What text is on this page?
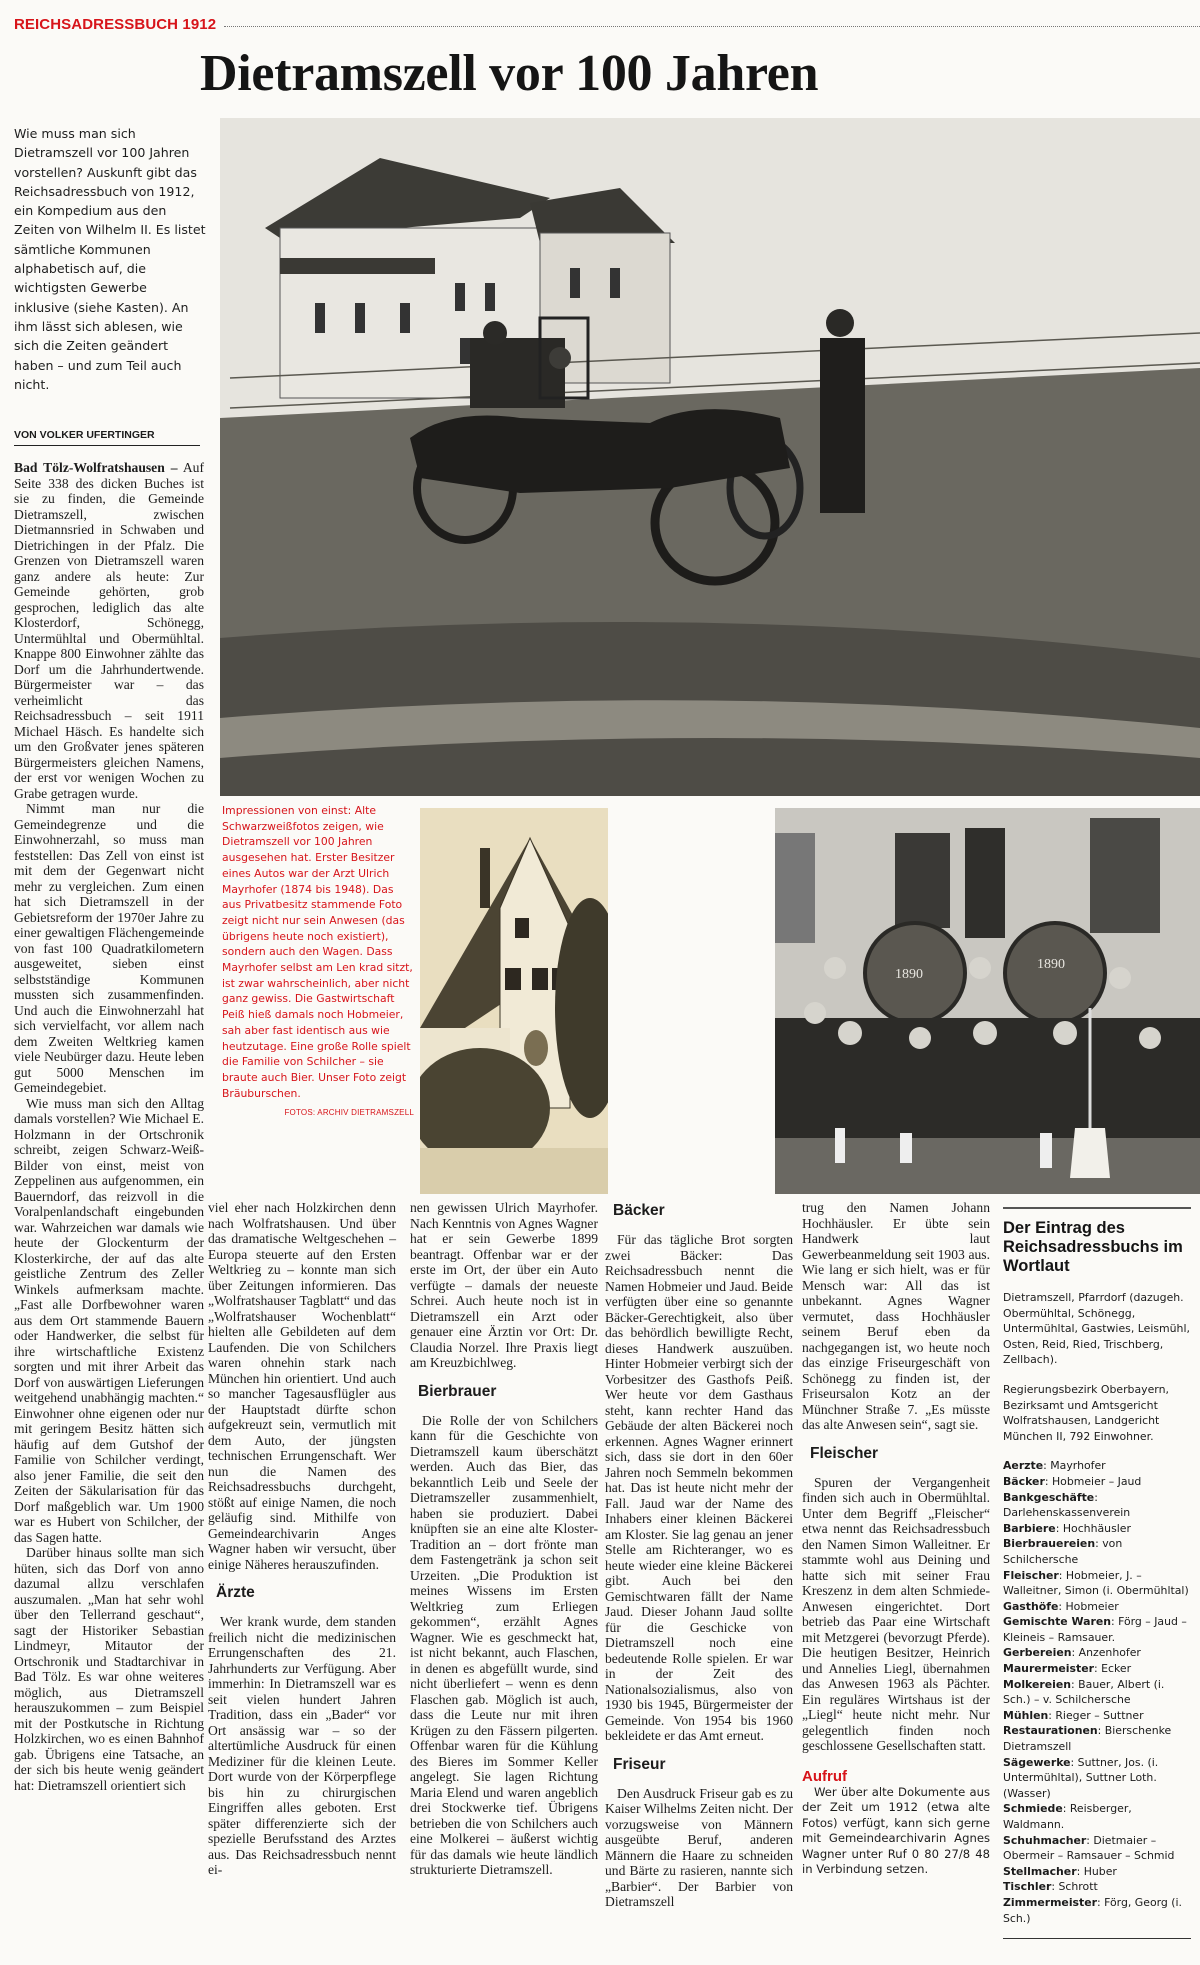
REICHSADRESSBUCH 1912
Dietramszell vor 100 Jahren

Wie muss man sich Dietramszell vor 100 Jahren vorstellen? Auskunft gibt das Reichsadressbuch von 1912, ein Kompedium aus den Zeiten von Wilhelm II. Es listet sämtliche Kommunen alphabetisch auf, die wichtigsten Gewerbe inklusive (siehe Kasten). An ihm lässt sich ablesen, wie sich die Zeiten geändert haben – und zum Teil auch nicht.

VON VOLKER UFERTINGER

Impressionen von einst: Alte Schwarzweißfotos zeigen, wie Dietramszell vor 100 Jahren ausgesehen hat. Erster Besitzer eines Autos war der Arzt Ulrich Mayrhofer (1874 bis 1948). Das aus Privatbesitz stammende Foto zeigt nicht nur sein Anwesen (das übrigens heute noch existiert), sondern auch den Wagen. Dass Mayrhofer selbst am Len krad sitzt, ist zwar wahrscheinlich, aber nicht ganz gewiss. Die Gastwirtschaft Peiß hieß damals noch Hobmeier, sah aber fast identisch aus wie heutzutage. Eine große Rolle spielt die Familie von Schilcher – sie braute auch Bier. Unser Foto zeigt Bräuburschen.

FOTOS: ARCHIV DIETRAMSZELL

1890
1890

Bad Tölz-Wolfratshausen – Auf Seite 338 des dicken Buches ist sie zu finden, die Gemeinde Dietramszell, zwischen Dietmannsried in Schwaben und Dietrichingen in der Pfalz. Die Grenzen von Dietramszell waren ganz andere als heute: Zur Gemeinde gehörten, grob gesprochen, lediglich das alte Klosterdorf, Schönegg, Untermühltal und Obermühltal. Knappe 800 Einwohner zählte das Dorf um die Jahrhundertwende. Bürgermeister war – das verheimlicht das Reichsadressbuch – seit 1911 Michael Häsch. Es handelte sich um den Großvater jenes späteren Bürgermeisters gleichen Namens, der erst vor wenigen Wochen zu Grabe getragen wurde.

Nimmt man nur die Gemeindegrenze und die Einwohnerzahl, so muss man feststellen: Das Zell von einst ist mit dem der Gegenwart nicht mehr zu vergleichen. Zum einen hat sich Dietramszell in der Gebietsreform der 1970er Jahre zu einer gewaltigen Flächengemeinde von fast 100 Quadratkilometern ausgeweitet, sieben einst selbstständige Kommunen mussten sich zusammenfinden. Und auch die Einwohnerzahl hat sich vervielfacht, vor allem nach dem Zweiten Weltkrieg kamen viele Neubürger dazu. Heute leben gut 5000 Menschen im Gemeindegebiet.

Wie muss man sich den Alltag damals vorstellen? Wie Michael E. Holzmann in der Ortschronik schreibt, zeigen Schwarz-Weiß-Bilder von einst, meist von Zeppelinen aus aufgenommen, ein Bauerndorf, das reizvoll in die Voralpenlandschaft eingebunden war. Wahrzeichen war damals wie heute der Glockenturm der Klosterkirche, der auf das alte geistliche Zentrum des Zeller Winkels aufmerksam machte. „Fast alle Dorfbewohner waren aus dem Ort stammende Bauern oder Handwerker, die selbst für ihre wirtschaftliche Existenz sorgten und mit ihrer Arbeit das Dorf von auswärtigen Lieferungen weitgehend unabhängig machten.“ Einwohner ohne eigenen oder nur mit geringem Besitz hätten sich häufig auf dem Gutshof der Familie von Schilcher verdingt, also jener Familie, die seit den Zeiten der Säkularisation für das Dorf maßgeblich war. Um 1900 war es Hubert von Schilcher, der das Sagen hatte.

Darüber hinaus sollte man sich hüten, sich das Dorf von anno dazumal allzu verschlafen auszumalen. „Man hat sehr wohl über den Tellerrand geschaut“, sagt der Historiker Sebastian Lindmeyr, Mitautor der Ortschronik und Stadtarchivar in Bad Tölz. Es war ohne weiteres möglich, aus Dietramszell herauszukommen – zum Beispiel mit der Postkutsche in Richtung Holzkirchen, wo es einen Bahnhof gab. Übrigens eine Tatsache, an der sich bis heute wenig geändert hat: Dietramszell orientiert sich

viel eher nach Holzkirchen denn nach Wolfratshausen. Und über das dramatische Weltgeschehen – Europa steuerte auf den Ersten Weltkrieg zu – konnte man sich über Zeitungen informieren. Das „Wolfratshauser Tagblatt“ und das „Wolfratshauser Wochenblatt“ hielten alle Gebildeten auf dem Laufenden. Die von Schilchers waren ohnehin stark nach München hin orientiert. Und auch so mancher Tagesausflügler aus der Hauptstadt dürfte schon aufgekreuzt sein, vermutlich mit dem Auto, der jüngsten technischen Errungenschaft. Wer nun die Namen des Reichsadressbuchs durchgeht, stößt auf einige Namen, die noch geläufig sind. Mithilfe von Gemeindearchivarin Anges Wagner haben wir versucht, über einige Näheres herauszufinden.

Ärzte

Wer krank wurde, dem standen freilich nicht die medizinischen Errungenschaften des 21. Jahrhunderts zur Verfügung. Aber immerhin: In Dietramszell war es seit vielen hundert Jahren Tradition, dass ein „Bader“ vor Ort ansässig war – so der altertümliche Ausdruck für einen Mediziner für die kleinen Leute. Dort wurde von der Körperpflege bis hin zu chirurgischen Eingriffen alles geboten. Erst später differenzierte sich der spezielle Berufsstand des Arztes aus. Das Reichsadressbuch nennt ei-

nen gewissen Ulrich Mayrhofer. Nach Kenntnis von Agnes Wagner hat er sein Gewerbe 1899 beantragt. Offenbar war er der erste im Ort, der über ein Auto verfügte – damals der neueste Schrei. Auch heute noch ist in Dietramszell ein Arzt oder genauer eine Ärztin vor Ort: Dr. Claudia Norzel. Ihre Praxis liegt am Kreuzbichlweg.

Bierbrauer

Die Rolle der von Schilchers kann für die Geschichte von Dietramszell kaum überschätzt werden. Auch das Bier, das bekanntlich Leib und Seele der Dietramszeller zusammenhielt, haben sie produziert. Dabei knüpften sie an eine alte Kloster-Tradition an – dort frönte man dem Fastengetränk ja schon seit Urzeiten. „Die Produktion ist meines Wissens im Ersten Weltkrieg zum Erliegen gekommen“, erzählt Agnes Wagner. Wie es geschmeckt hat, ist nicht bekannt, auch Flaschen, in denen es abgefüllt wurde, sind nicht überliefert – wenn es denn Flaschen gab. Möglich ist auch, dass die Leute nur mit ihren Krügen zu den Fässern pilgerten. Offenbar waren für die Kühlung des Bieres im Sommer Keller angelegt. Sie lagen Richtung Maria Elend und waren angeblich drei Stockwerke tief. Übrigens betrieben die von Schilchers auch eine Molkerei – äußerst wichtig für das damals wie heute ländlich strukturierte Dietramszell.

Bäcker

Für das tägliche Brot sorgten zwei Bäcker: Das Reichsadressbuch nennt die Namen Hobmeier und Jaud. Beide verfügten über eine so genannte Bäcker-Gerechtigkeit, also über das behördlich bewilligte Recht, dieses Handwerk auszuüben. Hinter Hobmeier verbirgt sich der Vorbesitzer des Gasthofs Peiß. Wer heute vor dem Gasthaus steht, kann rechter Hand das Gebäude der alten Bäckerei noch erkennen. Agnes Wagner erinnert sich, dass sie dort in den 60er Jahren noch Semmeln bekommen hat. Das ist heute nicht mehr der Fall. Jaud war der Name des Inhabers einer kleinen Bäckerei am Kloster. Sie lag genau an jener Stelle am Richteranger, wo es heute wieder eine kleine Bäckerei gibt. Auch bei den Gemischtwaren fällt der Name Jaud. Dieser Johann Jaud sollte für die Geschicke von Dietramszell noch eine bedeutende Rolle spielen. Er war in der Zeit des Nationalsozialismus, also von 1930 bis 1945, Bürgermeister der Gemeinde. Von 1954 bis 1960 bekleidete er das Amt erneut.

Friseur

Den Ausdruck Friseur gab es zu Kaiser Wilhelms Zeiten nicht. Der vorzugsweise von Männern ausgeübte Beruf, anderen Männern die Haare zu schneiden und Bärte zu rasieren, nannte sich „Barbier“. Der Barbier von Dietramszell

trug den Namen Johann Hochhäusler. Er übte sein Handwerk laut Gewerbeanmeldung seit 1903 aus. Wie lang er sich hielt, was er für Mensch war: All das ist unbekannt. Agnes Wagner vermutet, dass Hochhäusler seinem Beruf eben da nachgegangen ist, wo heute noch das einzige Friseurgeschäft von Schönegg zu finden ist, der Friseursalon Kotz an der Münchner Straße 7. „Es müsste das alte Anwesen sein“, sagt sie.

Fleischer

Spuren der Vergangenheit finden sich auch in Obermühltal. Unter dem Begriff „Fleischer“ etwa nennt das Reichsadressbuch den Namen Simon Walleitner. Er stammte wohl aus Deining und hatte sich mit seiner Frau Kreszenz in dem alten Schmiede-Anwesen eingerichtet. Dort betrieb das Paar eine Wirtschaft mit Metzgerei (bevorzugt Pferde). Die heutigen Besitzer, Heinrich und Annelies Liegl, übernahmen das Anwesen 1963 als Pächter. Ein reguläres Wirtshaus ist der „Liegl“ heute nicht mehr. Nur gelegentlich finden noch geschlossene Gesellschaften statt.

Aufruf

Wer über alte Dokumente aus der Zeit um 1912 (etwa alte Fotos) verfügt, kann sich gerne mit Gemeindearchivarin Agnes Wagner unter Ruf 0 80 27/8 48 in Verbindung setzen.

Der Eintrag des Reichsadressbuchs im Wortlaut

Dietramszell, Pfarrdorf (dazugeh. Obermühltal, Schönegg, Untermühltal, Gastwies, Leismühl, Osten, Reid, Ried, Trischberg, Zellbach).

Regierungsbezirk Oberbayern, Bezirksamt und Amtsgericht Wolfratshausen, Landgericht München II, 792 Einwohner.

Aerzte: Mayrhofer
Bäcker: Hobmeier – Jaud
Bankgeschäfte: Darlehenskassenverein
Barbiere: Hochhäusler
Bierbrauereien: von Schilchersche
Fleischer: Hobmeier, J. – Walleitner, Simon (i. Obermühltal)
Gasthöfe: Hobmeier
Gemischte Waren: Förg – Jaud – Kleineis – Ramsauer.
Gerbereien: Anzenhofer
Maurermeister: Ecker
Molkereien: Bauer, Albert (i. Sch.) – v. Schilchersche
Mühlen: Rieger – Suttner
Restaurationen: Bierschenke Dietramszell
Sägewerke: Suttner, Jos. (i. Untermühltal), Suttner Loth. (Wasser)
Schmiede: Reisberger, Waldmann.
Schuhmacher: Dietmaier – Obermeir – Ramsauer – Schmid
Stellmacher: Huber
Tischler: Schrott
Zimmermeister: Förg, Georg (i. Sch.)
